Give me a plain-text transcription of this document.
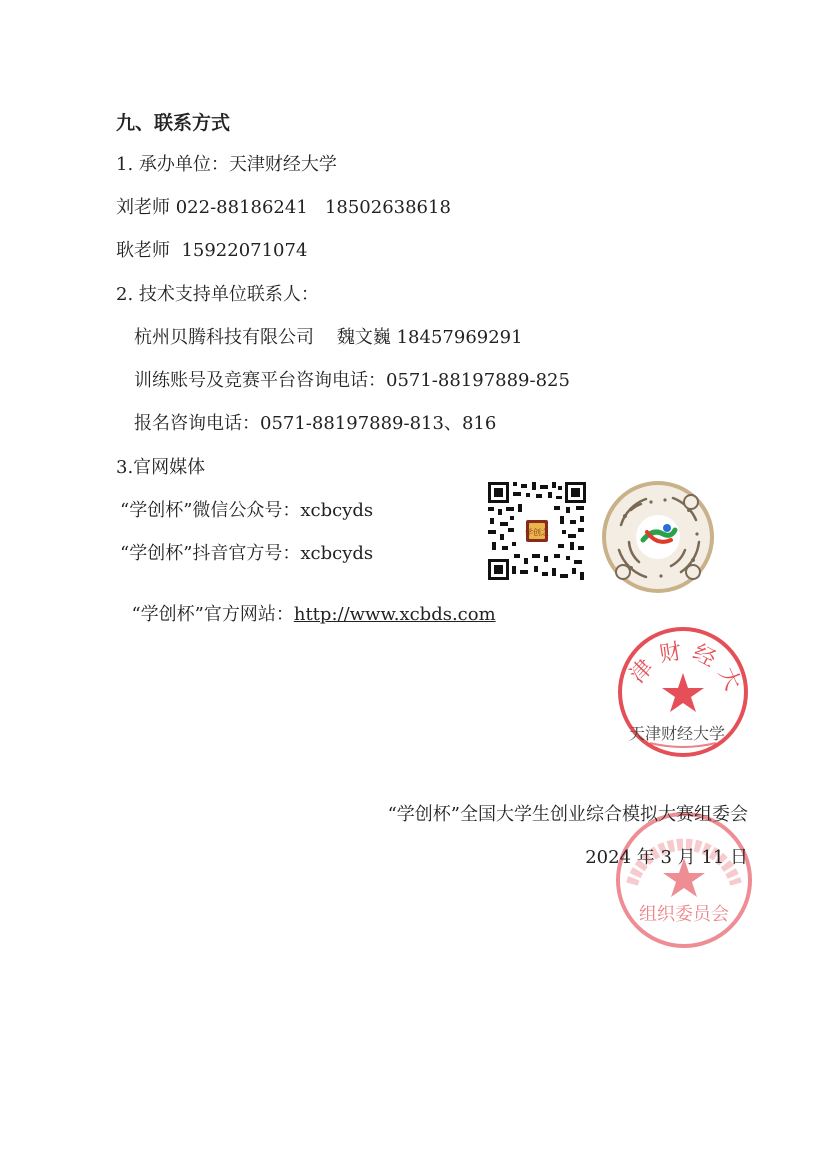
九、联系方式
1. 承办单位：天津财经大学
刘老师 022-88186241   18502638618
耿老师  15922071074
2. 技术支持单位联系人：
杭州贝腾科技有限公司    魏文巍 18457969291
训练账号及竞赛平台咨询电话：0571-88197889-825
报名咨询电话：0571-88197889-813、816
3.官网媒体
“学创杯”微信公众号：xcbcyds
“学创杯”抖音官方号：xcbcyds

“学创杯”官方网站：http://www.xcbds.com

学创之
津财经大
天津财经大学
组织委员会
“学创杯”全国大学生创业综合模拟大赛组委会
2024 年 3 月 11 日
